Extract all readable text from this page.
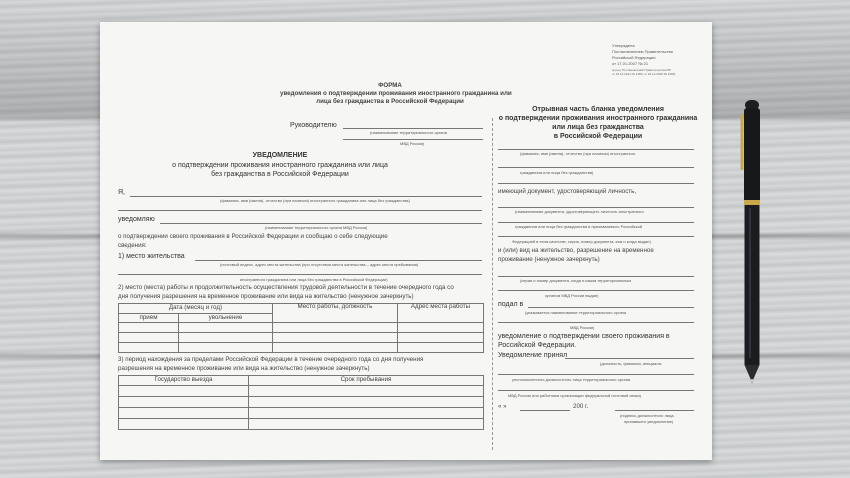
Утверждена
Постановлением Правительства
Российской Федерации
от 17.01.2007 № 21
(в ред. Постановлений Правительства РФ
от 15.12.2014 № 1480, от 26.12.2018 № 1684)
ФОРМА
уведомления о подтверждении проживания иностранного гражданина или
лица без гражданства в Российской Федерации
Руководителю
(наименование территориального органа
МВД России)
УВЕДОМЛЕНИЕ
о подтверждении проживания иностранного гражданина или лица
без гражданства в Российской Федерации
Я,
(фамилия, имя (имена), отчество (при наличии) иностранного гражданина или лица без гражданства)
уведомляю
(наименование территориального органа МВД России)
о подтверждении своего проживания в Российской Федерации и сообщаю о себе следующие
сведения:
1) место жительства
(почтовый индекс, адрес места жительства (при отсутствии места жительства – адрес места пребывания)
иностранного гражданина или лица без гражданства в Российской Федерации)
2) место (места) работы и продолжительность осуществления трудовой деятельности в течение очередного года со
дня получения разрешения на временное проживание или вида на жительство (ненужное зачеркнуть)
Дата (месяц и год)		Место работы, должность	Адрес места работы
прием	увольнение		

3) период нахождения за пределами Российской Федерации в течение очередного года со дня получения
разрешения на временное проживание или вида на жительство (ненужное зачеркнуть)
Государство выезда	Срок пребывания

Отрывная часть бланка уведомления
о подтверждении проживания иностранного гражданина
или лица без гражданства
в Российской Федерации
(фамилия, имя (имена), отчество (при наличии) иностранного
гражданина или лица без гражданства)
имеющий документ, удостоверяющий личность,
(наименование документа, удостоверяющего личность иностранного
гражданина или лица без гражданства и признаваемого Российской
Федерацией в этом качестве, серия, номер документа, кем и когда выдан)
и (или) вид на жительство, разрешение на временное
проживание (ненужное зачеркнуть)
(серия и номер документа, когда и каким территориальным
органом МВД России выдан)
подал в
(указывается наименование территориального органа
МВД России)
уведомление о подтверждении своего проживания в
Российской Федерации.
Уведомление принял
(должность, фамилия, инициалы
уполномоченного должностного лица территориального органа
МВД России или работника организации федеральной почтовой связи)
« »	200 г.
(подпись должностного лица,
принявшего уведомление)
